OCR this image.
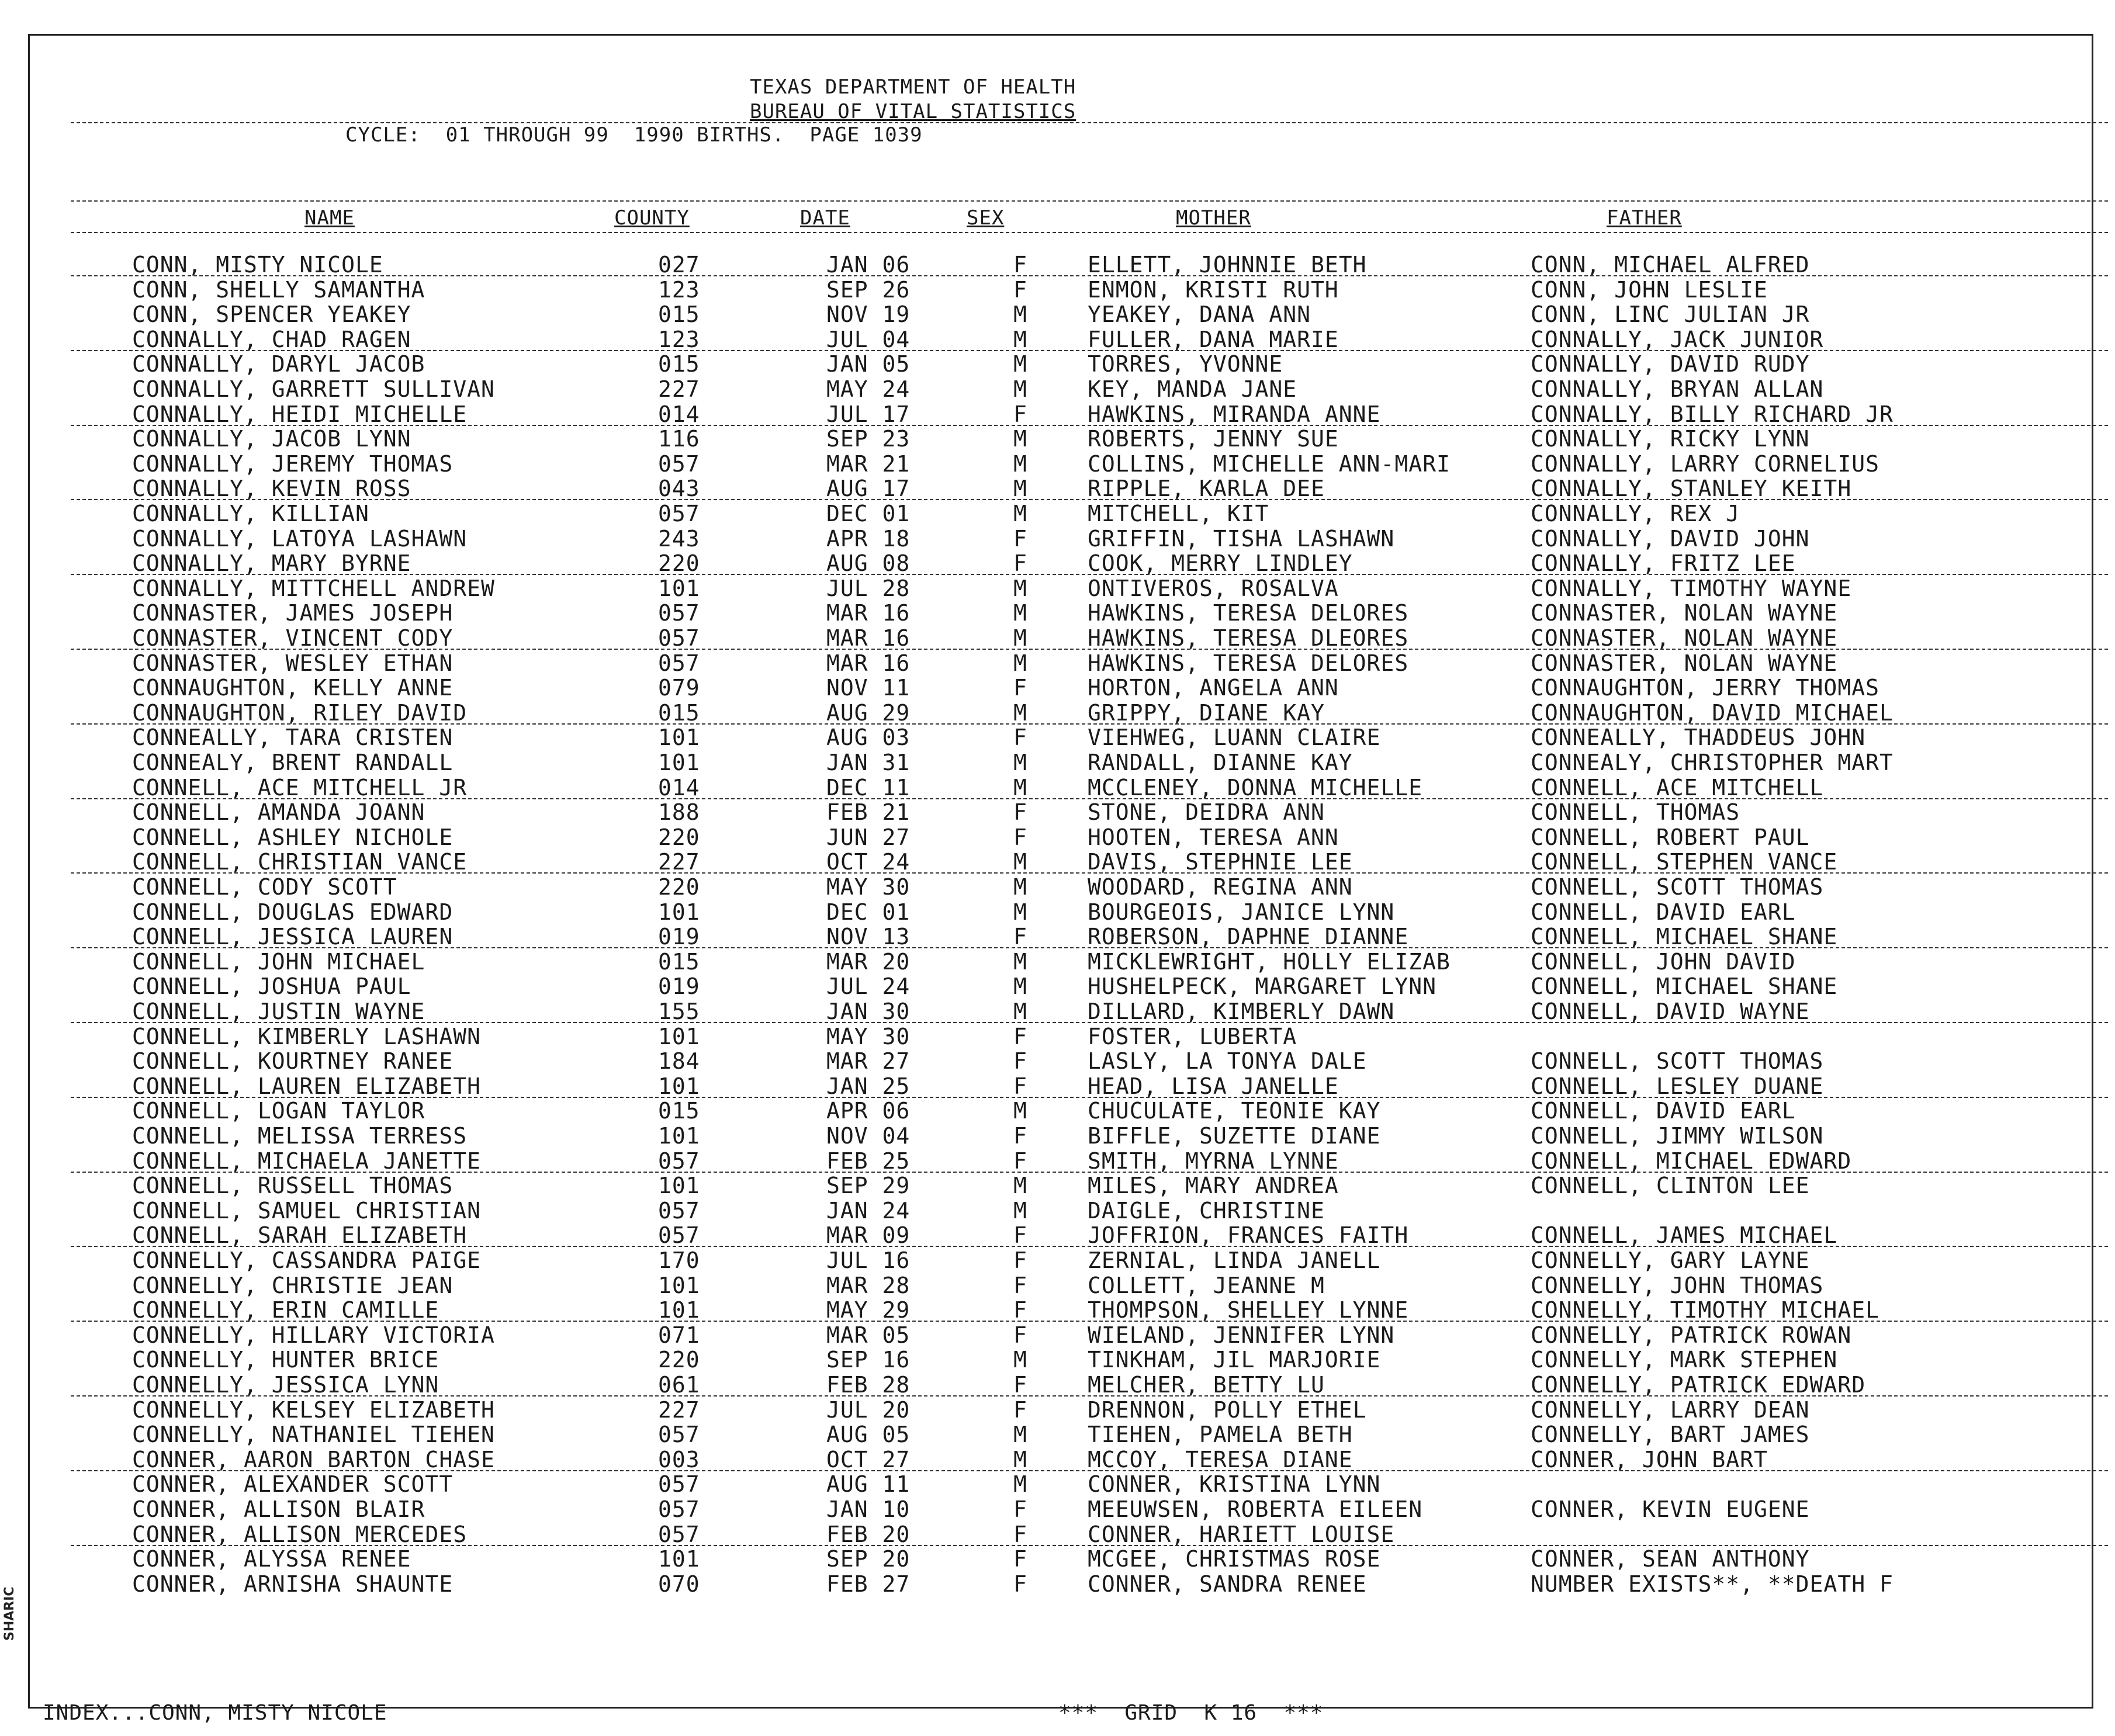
SHARIC
TEXAS DEPARTMENT OF HEALTH
BUREAU OF VITAL STATISTICS
CYCLE:  01 THROUGH 99  1990 BIRTHS.  PAGE 1039
NAME	COUNTY	DATE	SEX	MOTHER	FATHER
CONN, MISTY NICOLE	027	JAN 06	F	ELLETT, JOHNNIE BETH	CONN, MICHAEL ALFRED
CONN, SHELLY SAMANTHA	123	SEP 26	F	ENMON, KRISTI RUTH	CONN, JOHN LESLIE
CONN, SPENCER YEAKEY	015	NOV 19	M	YEAKEY, DANA ANN	CONN, LINC JULIAN JR
CONNALLY, CHAD RAGEN	123	JUL 04	M	FULLER, DANA MARIE	CONNALLY, JACK JUNIOR
CONNALLY, DARYL JACOB	015	JAN 05	M	TORRES, YVONNE	CONNALLY, DAVID RUDY
CONNALLY, GARRETT SULLIVAN	227	MAY 24	M	KEY, MANDA JANE	CONNALLY, BRYAN ALLAN
CONNALLY, HEIDI MICHELLE	014	JUL 17	F	HAWKINS, MIRANDA ANNE	CONNALLY, BILLY RICHARD JR
CONNALLY, JACOB LYNN	116	SEP 23	M	ROBERTS, JENNY SUE	CONNALLY, RICKY LYNN
CONNALLY, JEREMY THOMAS	057	MAR 21	M	COLLINS, MICHELLE ANN-MARI	CONNALLY, LARRY CORNELIUS
CONNALLY, KEVIN ROSS	043	AUG 17	M	RIPPLE, KARLA DEE	CONNALLY, STANLEY KEITH
CONNALLY, KILLIAN	057	DEC 01	M	MITCHELL, KIT	CONNALLY, REX J
CONNALLY, LATOYA LASHAWN	243	APR 18	F	GRIFFIN, TISHA LASHAWN	CONNALLY, DAVID JOHN
CONNALLY, MARY BYRNE	220	AUG 08	F	COOK, MERRY LINDLEY	CONNALLY, FRITZ LEE
CONNALLY, MITTCHELL ANDREW	101	JUL 28	M	ONTIVEROS, ROSALVA	CONNALLY, TIMOTHY WAYNE
CONNASTER, JAMES JOSEPH	057	MAR 16	M	HAWKINS, TERESA DELORES	CONNASTER, NOLAN WAYNE
CONNASTER, VINCENT CODY	057	MAR 16	M	HAWKINS, TERESA DLEORES	CONNASTER, NOLAN WAYNE
CONNASTER, WESLEY ETHAN	057	MAR 16	M	HAWKINS, TERESA DELORES	CONNASTER, NOLAN WAYNE
CONNAUGHTON, KELLY ANNE	079	NOV 11	F	HORTON, ANGELA ANN	CONNAUGHTON, JERRY THOMAS
CONNAUGHTON, RILEY DAVID	015	AUG 29	M	GRIPPY, DIANE KAY	CONNAUGHTON, DAVID MICHAEL
CONNEALLY, TARA CRISTEN	101	AUG 03	F	VIEHWEG, LUANN CLAIRE	CONNEALLY, THADDEUS JOHN
CONNEALY, BRENT RANDALL	101	JAN 31	M	RANDALL, DIANNE KAY	CONNEALY, CHRISTOPHER MART
CONNELL, ACE MITCHELL JR	014	DEC 11	M	MCCLENEY, DONNA MICHELLE	CONNELL, ACE MITCHELL
CONNELL, AMANDA JOANN	188	FEB 21	F	STONE, DEIDRA ANN	CONNELL, THOMAS
CONNELL, ASHLEY NICHOLE	220	JUN 27	F	HOOTEN, TERESA ANN	CONNELL, ROBERT PAUL
CONNELL, CHRISTIAN VANCE	227	OCT 24	M	DAVIS, STEPHNIE LEE	CONNELL, STEPHEN VANCE
CONNELL, CODY SCOTT	220	MAY 30	M	WOODARD, REGINA ANN	CONNELL, SCOTT THOMAS
CONNELL, DOUGLAS EDWARD	101	DEC 01	M	BOURGEOIS, JANICE LYNN	CONNELL, DAVID EARL
CONNELL, JESSICA LAUREN	019	NOV 13	F	ROBERSON, DAPHNE DIANNE	CONNELL, MICHAEL SHANE
CONNELL, JOHN MICHAEL	015	MAR 20	M	MICKLEWRIGHT, HOLLY ELIZAB	CONNELL, JOHN DAVID
CONNELL, JOSHUA PAUL	019	JUL 24	M	HUSHELPECK, MARGARET LYNN	CONNELL, MICHAEL SHANE
CONNELL, JUSTIN WAYNE	155	JAN 30	M	DILLARD, KIMBERLY DAWN	CONNELL, DAVID WAYNE
CONNELL, KIMBERLY LASHAWN	101	MAY 30	F	FOSTER, LUBERTA
CONNELL, KOURTNEY RANEE	184	MAR 27	F	LASLY, LA TONYA DALE	CONNELL, SCOTT THOMAS
CONNELL, LAUREN ELIZABETH	101	JAN 25	F	HEAD, LISA JANELLE	CONNELL, LESLEY DUANE
CONNELL, LOGAN TAYLOR	015	APR 06	M	CHUCULATE, TEONIE KAY	CONNELL, DAVID EARL
CONNELL, MELISSA TERRESS	101	NOV 04	F	BIFFLE, SUZETTE DIANE	CONNELL, JIMMY WILSON
CONNELL, MICHAELA JANETTE	057	FEB 25	F	SMITH, MYRNA LYNNE	CONNELL, MICHAEL EDWARD
CONNELL, RUSSELL THOMAS	101	SEP 29	M	MILES, MARY ANDREA	CONNELL, CLINTON LEE
CONNELL, SAMUEL CHRISTIAN	057	JAN 24	M	DAIGLE, CHRISTINE
CONNELL, SARAH ELIZABETH	057	MAR 09	F	JOFFRION, FRANCES FAITH	CONNELL, JAMES MICHAEL
CONNELLY, CASSANDRA PAIGE	170	JUL 16	F	ZERNIAL, LINDA JANELL	CONNELLY, GARY LAYNE
CONNELLY, CHRISTIE JEAN	101	MAR 28	F	COLLETT, JEANNE M	CONNELLY, JOHN THOMAS
CONNELLY, ERIN CAMILLE	101	MAY 29	F	THOMPSON, SHELLEY LYNNE	CONNELLY, TIMOTHY MICHAEL
CONNELLY, HILLARY VICTORIA	071	MAR 05	F	WIELAND, JENNIFER LYNN	CONNELLY, PATRICK ROWAN
CONNELLY, HUNTER BRICE	220	SEP 16	M	TINKHAM, JIL MARJORIE	CONNELLY, MARK STEPHEN
CONNELLY, JESSICA LYNN	061	FEB 28	F	MELCHER, BETTY LU	CONNELLY, PATRICK EDWARD
CONNELLY, KELSEY ELIZABETH	227	JUL 20	F	DRENNON, POLLY ETHEL	CONNELLY, LARRY DEAN
CONNELLY, NATHANIEL TIEHEN	057	AUG 05	M	TIEHEN, PAMELA BETH	CONNELLY, BART JAMES
CONNER, AARON BARTON CHASE	003	OCT 27	M	MCCOY, TERESA DIANE	CONNER, JOHN BART
CONNER, ALEXANDER SCOTT	057	AUG 11	M	CONNER, KRISTINA LYNN
CONNER, ALLISON BLAIR	057	JAN 10	F	MEEUWSEN, ROBERTA EILEEN	CONNER, KEVIN EUGENE
CONNER, ALLISON MERCEDES	057	FEB 20	F	CONNER, HARIETT LOUISE
CONNER, ALYSSA RENEE	101	SEP 20	F	MCGEE, CHRISTMAS ROSE	CONNER, SEAN ANTHONY
CONNER, ARNISHA SHAUNTE	070	FEB 27	F	CONNER, SANDRA RENEE	NUMBER EXISTS**, **DEATH F
INDEX...CONN, MISTY NICOLE	***  GRID  K 16  ***
